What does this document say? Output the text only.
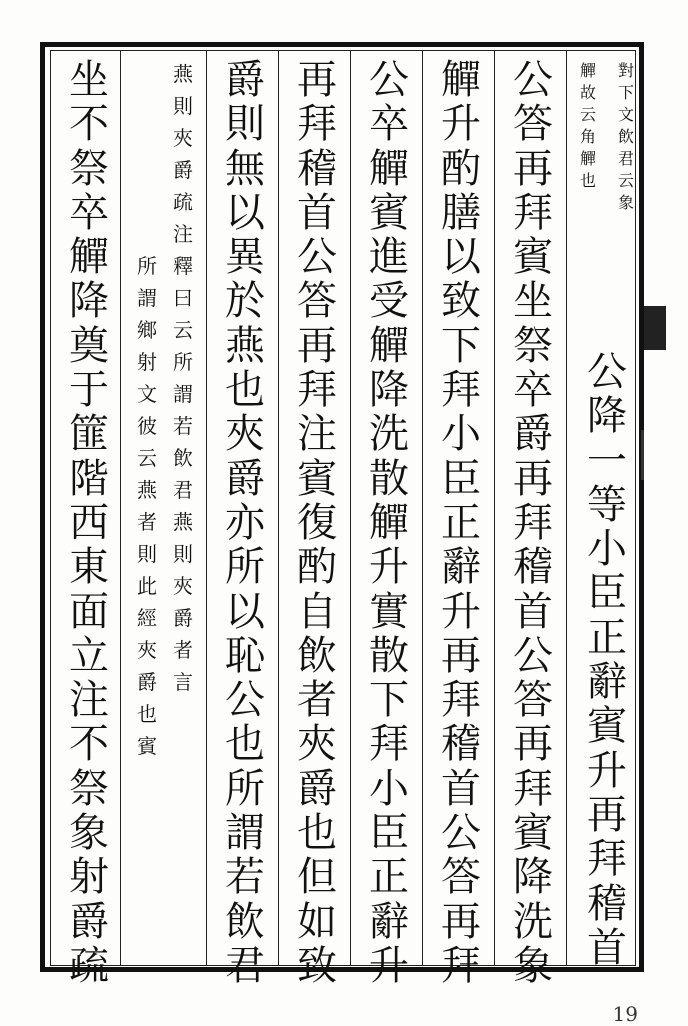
對
下
文
飲
君
云
象
觶
故
云
角
觶
也
公
降
一
等
小
臣
正
辭
賓
升
再
拜
稽
首
公
答
再
拜
賓
坐
祭
卒
爵
再
拜
稽
首
公
答
再
拜
賓
降
洗
象
觶
升
酌
膳
以
致
下
拜
小
臣
正
辭
升
再
拜
稽
首
公
答
再
拜
公
卒
觶
賓
進
受
觶
降
洗
散
觶
升
實
散
下
拜
小
臣
正
辭
升
再
拜
稽
首
公
答
再
拜
注
賓
復
酌
自
飲
者
夾
爵
也
但
如
致
爵
則
無
以
異
於
燕
也
夾
爵
亦
所
以
恥
公
也
所
謂
若
飲
君
燕
則
夾
爵
疏
注
釋
曰
云
所
謂
若
飲
君
燕
則
夾
爵
者
言
所
謂
鄉
射
文
彼
云
燕
者
則
此
經
夾
爵
也
賓
坐
不
祭
卒
觶
降
奠
于
篚
階
西
東
面
立
注
不
祭
象
射
爵
疏
19
